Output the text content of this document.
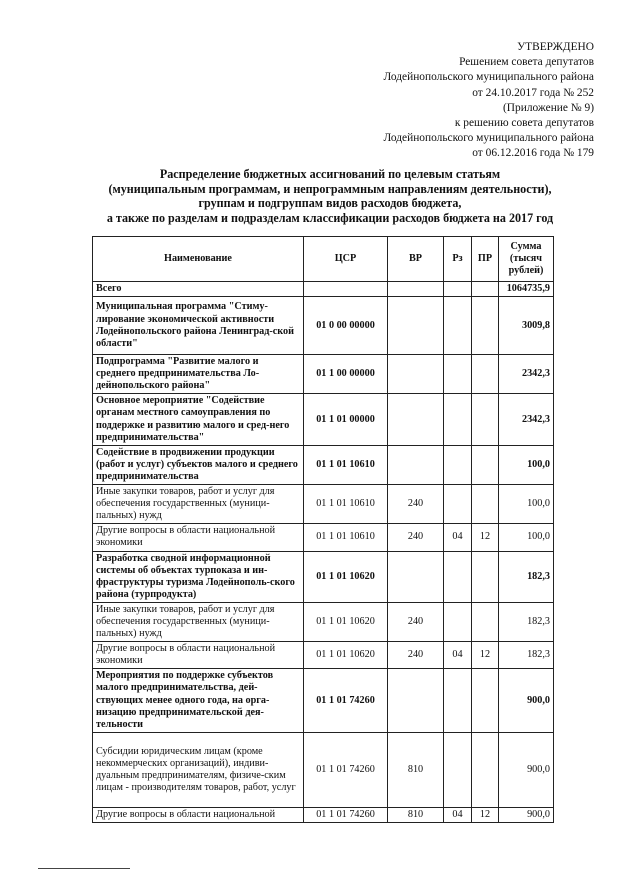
УТВЕРЖДЕНО
Решением совета депутатов
Лодейнопольского муниципального района
от 24.10.2017 года № 252
(Приложение № 9)
к решению совета депутатов
Лодейнопольского муниципального района
от 06.12.2016 года № 179
Распределение бюджетных ассигнований по целевым статьям
(муниципальным программам, и непрограммным направлениям деятельности),
группам и подгруппам видов расходов бюджета,
а также по разделам и подразделам классификации расходов бюджета на 2017 год
Наименование	ЦСР	ВР	Рз	ПР	Сумма (тысяч рублей)
Всего					1064735,9
Муниципальная программа "Стиму-лирование экономической активности Лодейнопольского района Ленинград-ской области"	01 0 00 00000				3009,8
Подпрограмма "Развитие малого и среднего предпринимательства Ло-дейнопольского района"	01 1 00 00000				2342,3
Основное мероприятие "Содействие органам местного самоуправления по поддержке и развитию малого и сред-него предпринимательства"	01 1 01 00000				2342,3
Содействие в продвижении продукции (работ и услуг) субъектов малого и среднего предпринимательства	01 1 01 10610				100,0
Иные закупки товаров, работ и услуг для обеспечения государственных (муници-пальных) нужд	01 1 01 10610	240			100,0
Другие вопросы в области национальной экономики	01 1 01 10610	240	04	12	100,0
Разработка сводной информационной системы об объектах турпоказа и ин-фраструктуры туризма Лодейнополь-ского района (турпродукта)	01 1 01 10620				182,3
Иные закупки товаров, работ и услуг для обеспечения государственных (муници-пальных) нужд	01 1 01 10620	240			182,3
Другие вопросы в области национальной экономики	01 1 01 10620	240	04	12	182,3
Мероприятия по поддержке субъектов малого предпринимательства, дей-ствующих менее одного года, на орга-низацию предпринимательской дея-тельности	01 1 01 74260				900,0
Субсидии юридическим лицам (кроме некоммерческих организаций), индиви-дуальным предпринимателям, физиче-ским лицам - производителям товаров, работ, услуг	01 1 01 74260	810			900,0
Другие вопросы в области национальной	01 1 01 74260	810	04	12	900,0
